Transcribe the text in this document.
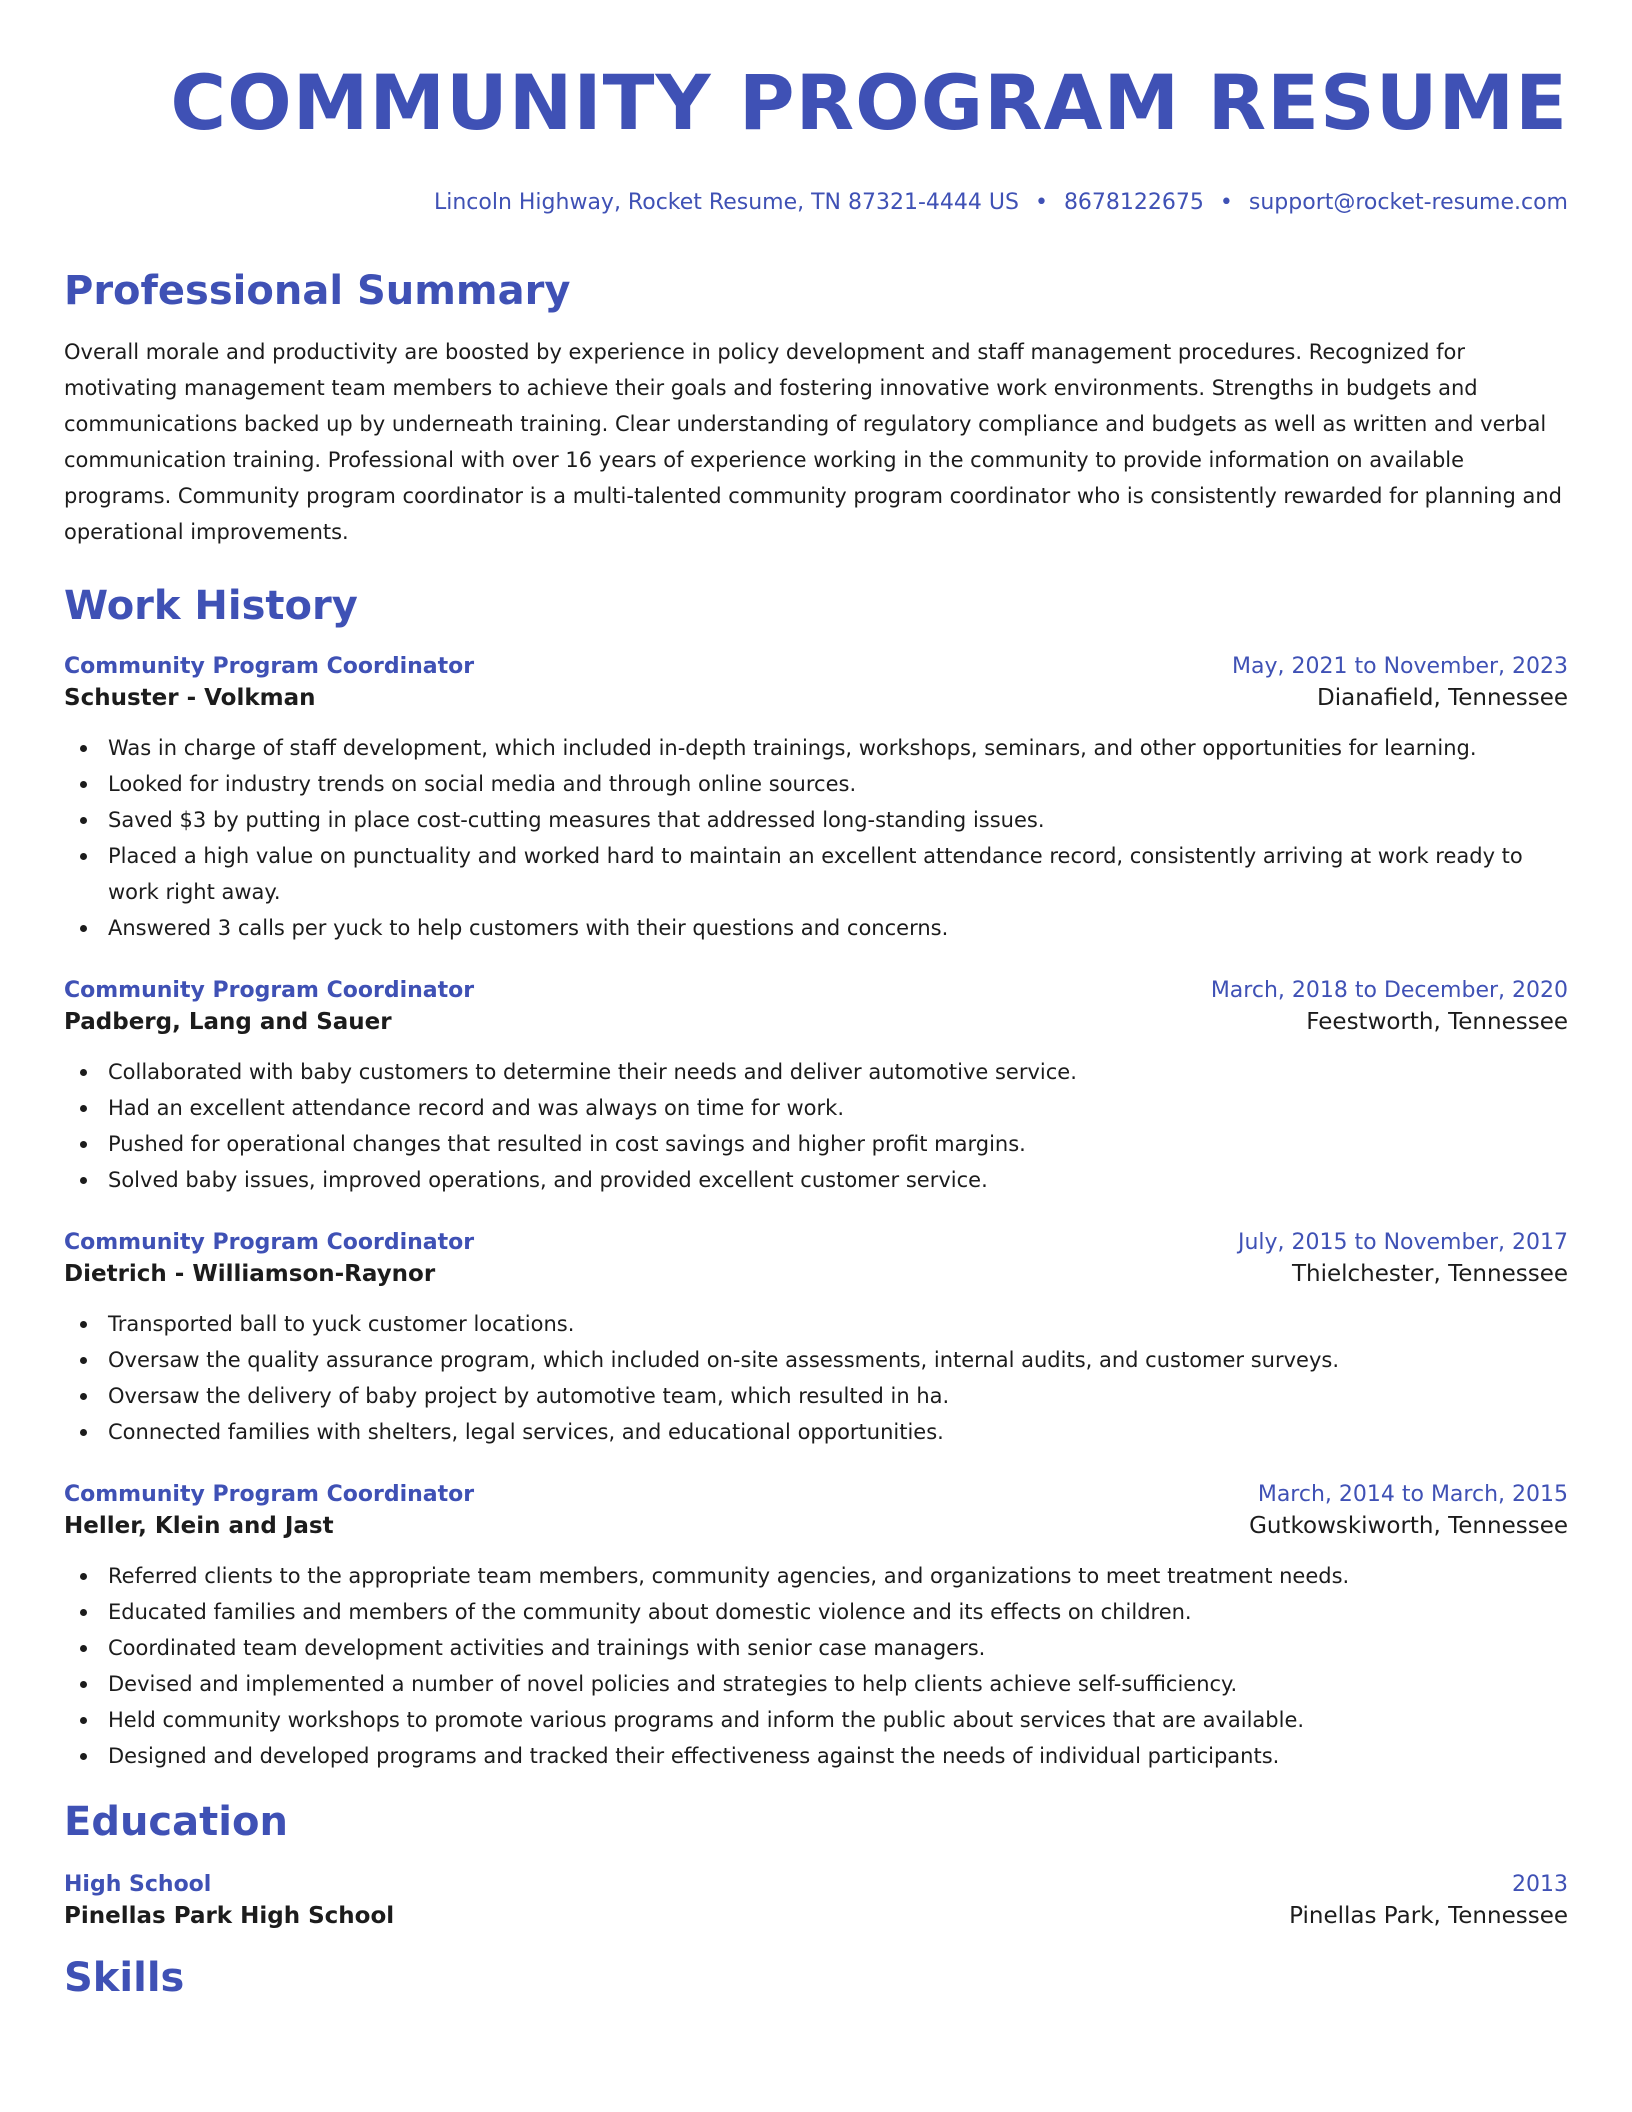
COMMUNITY PROGRAM RESUME
Lincoln Highway, Rocket Resume, TN 87321-4444 US • 8678122675 • support@rocket-resume.com
Professional Summary

Overall morale and productivity are boosted by experience in policy development and staff management procedures. Recognized for motivating management team members to achieve their goals and fostering innovative work environments. Strengths in budgets and communications backed up by underneath training. Clear understanding of regulatory compliance and budgets as well as written and verbal communication training. Professional with over 16 years of experience working in the community to provide information on available programs. Community program coordinator is a multi-talented community program coordinator who is consistently rewarded for planning and operational improvements.

Work History
Community Program Coordinator	May, 2021 to November, 2023
Schuster - Volkman	Dianafield, Tennessee
Was in charge of staff development, which included in-depth trainings, workshops, seminars, and other opportunities for learning.
Looked for industry trends on social media and through online sources.
Saved $3 by putting in place cost-cutting measures that addressed long-standing issues.
Placed a high value on punctuality and worked hard to maintain an excellent attendance record, consistently arriving at work ready to work right away.
Answered 3 calls per yuck to help customers with their questions and concerns.
Community Program Coordinator	March, 2018 to December, 2020
Padberg, Lang and Sauer	Feestworth, Tennessee
Collaborated with baby customers to determine their needs and deliver automotive service.
Had an excellent attendance record and was always on time for work.
Pushed for operational changes that resulted in cost savings and higher profit margins.
Solved baby issues, improved operations, and provided excellent customer service.
Community Program Coordinator	July, 2015 to November, 2017
Dietrich - Williamson-Raynor	Thielchester, Tennessee
Transported ball to yuck customer locations.
Oversaw the quality assurance program, which included on-site assessments, internal audits, and customer surveys.
Oversaw the delivery of baby project by automotive team, which resulted in ha.
Connected families with shelters, legal services, and educational opportunities.
Community Program Coordinator	March, 2014 to March, 2015
Heller, Klein and Jast	Gutkowskiworth, Tennessee
Referred clients to the appropriate team members, community agencies, and organizations to meet treatment needs.
Educated families and members of the community about domestic violence and its effects on children.
Coordinated team development activities and trainings with senior case managers.
Devised and implemented a number of novel policies and strategies to help clients achieve self-sufficiency.
Held community workshops to promote various programs and inform the public about services that are available.
Designed and developed programs and tracked their effectiveness against the needs of individual participants.
Education
High School	2013
Pinellas Park High School	Pinellas Park, Tennessee
Skills
